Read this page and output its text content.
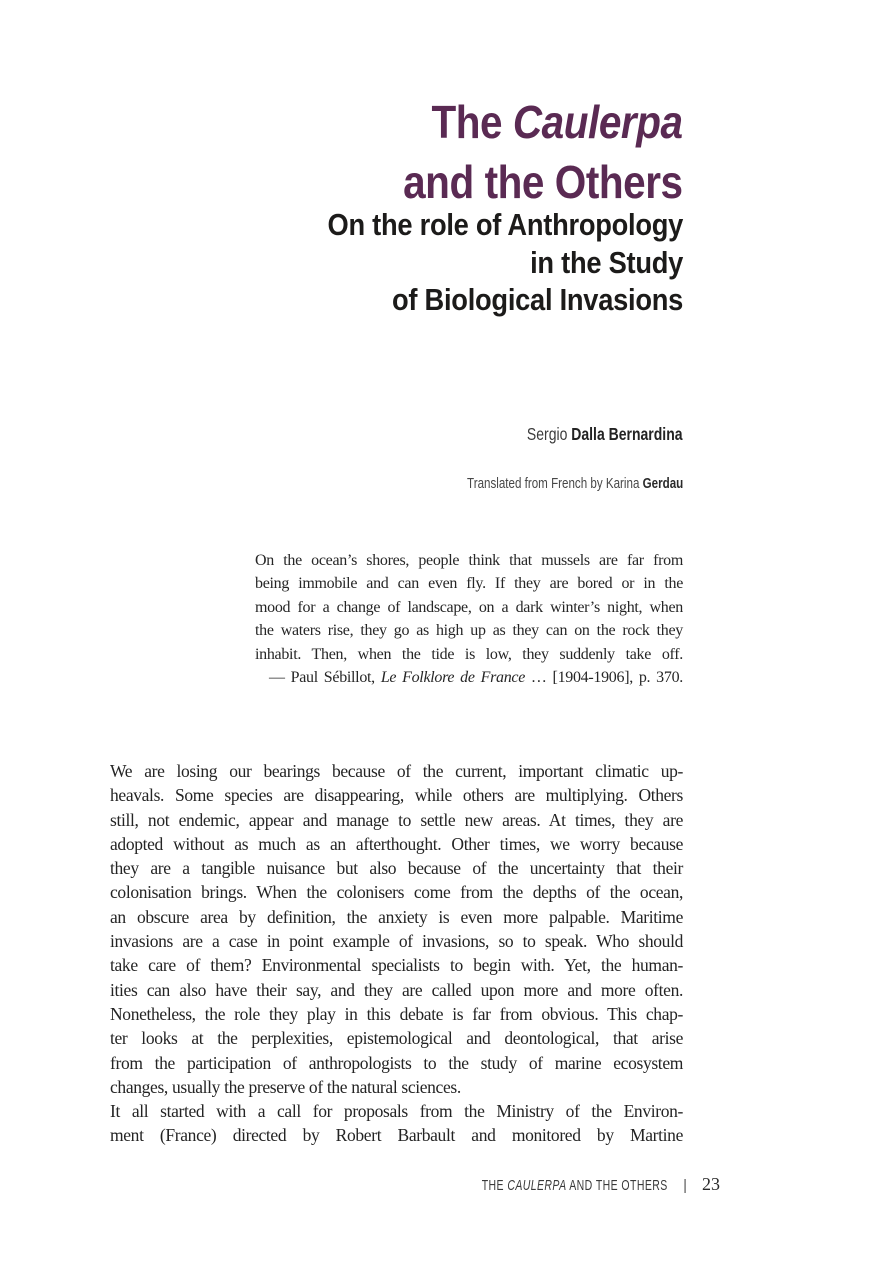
The Caulerpa
and the Others
On the role of Anthropology
in the Study
of Biological Invasions
Sergio Dalla Bernardina
Translated from French by Karina Gerdau
On the ocean’s shores, people think that mussels are far from
being immobile and can even fly. If they are bored or in the
mood for a change of landscape, on a dark winter’s night, when
the waters rise, they go as high up as they can on the rock they
inhabit. Then, when the tide is low, they suddenly take off.
— Paul Sébillot, Le Folklore de France … [1904-1906], p. 370.
We are losing our bearings because of the current, important climatic up-
heavals. Some species are disappearing, while others are multiplying. Others
still, not endemic, appear and manage to settle new areas. At times, they are
adopted without as much as an afterthought. Other times, we worry because
they are a tangible nuisance but also because of the uncertainty that their
colonisation brings. When the colonisers come from the depths of the ocean,
an obscure area by definition, the anxiety is even more palpable. Maritime
invasions are a case in point example of invasions, so to speak. Who should
take care of them? Environmental specialists to begin with. Yet, the human-
ities can also have their say, and they are called upon more and more often.
Nonetheless, the role they play in this debate is far from obvious. This chap-
ter looks at the perplexities, epistemological and deontological, that arise
from the participation of anthropologists to the study of marine ecosystem
changes, usually the preserve of the natural sciences.
It all started with a call for proposals from the Ministry of the Environ-
ment (France) directed by Robert Barbault and monitored by Martine
THE CAULERPA AND THE OTHERS | 23
